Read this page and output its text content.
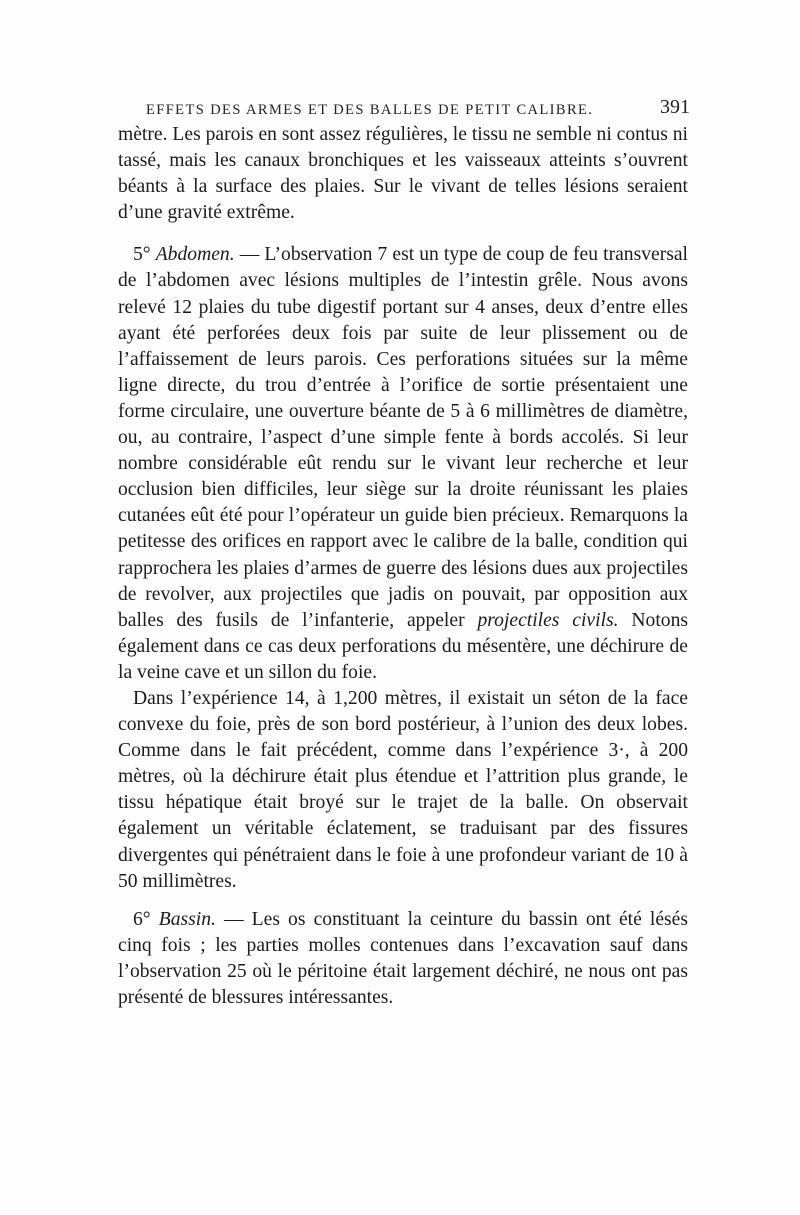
EFFETS DES ARMES ET DES BALLES DE PETIT CALIBRE.	391

mètre. Les parois en sont assez régulières, le tissu ne semble ni contus ni tassé, mais les canaux bronchiques et les vaisseaux atteints s’ouvrent béants à la surface des plaies. Sur le vivant de telles lésions seraient d’une gravité extrême.

5° Abdomen. — L’observation 7 est un type de coup de feu transversal de l’abdomen avec lésions multiples de l’intestin grêle. Nous avons relevé 12 plaies du tube digestif portant sur 4 anses, deux d’entre elles ayant été perforées deux fois par suite de leur plissement ou de l’affaissement de leurs parois. Ces perforations situées sur la même ligne directe, du trou d’entrée à l’orifice de sortie présentaient une forme circulaire, une ouverture béante de 5 à 6 millimètres de diamètre, ou, au contraire, l’aspect d’une simple fente à bords accolés. Si leur nombre considérable eût rendu sur le vivant leur recherche et leur occlusion bien difficiles, leur siège sur la droite réunissant les plaies cutanées eût été pour l’opérateur un guide bien précieux. Remarquons la petitesse des orifices en rapport avec le calibre de la balle, condition qui rapprochera les plaies d’armes de guerre des lésions dues aux projectiles de revolver, aux projectiles que jadis on pouvait, par opposition aux balles des fusils de l’infanterie, appeler projectiles civils. Notons également dans ce cas deux perforations du mésentère, une déchirure de la veine cave et un sillon du foie.

Dans l’expérience 14, à 1,200 mètres, il existait un séton de la face convexe du foie, près de son bord postérieur, à l’union des deux lobes. Comme dans le fait précédent, comme dans l’expérience 3·, à 200 mètres, où la déchirure était plus étendue et l’attrition plus grande, le tissu hépatique était broyé sur le trajet de la balle. On observait également un véritable éclatement, se traduisant par des fissures divergentes qui pénétraient dans le foie à une profondeur variant de 10 à 50 millimètres.

6° Bassin. — Les os constituant la ceinture du bassin ont été lésés cinq fois ; les parties molles contenues dans l’excavation sauf dans l’observation 25 où le péritoine était largement déchiré, ne nous ont pas présenté de blessures intéressantes.
